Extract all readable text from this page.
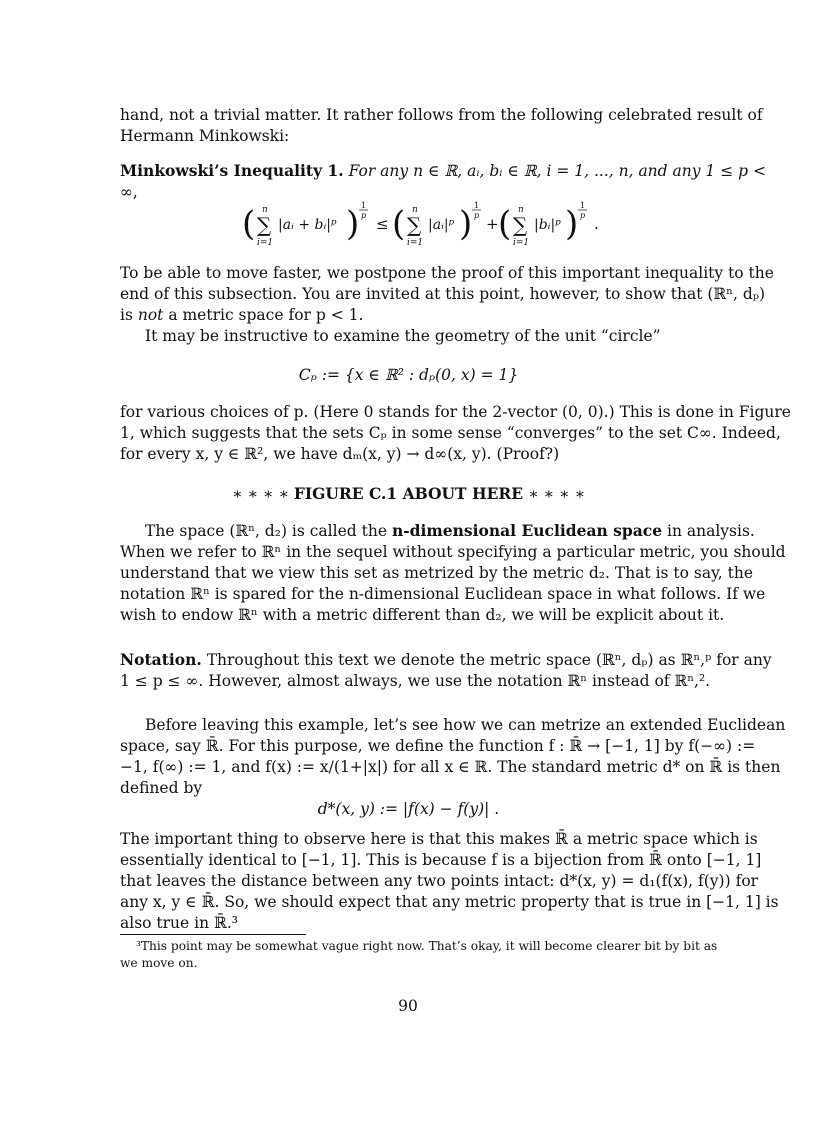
hand, not a trivial matter. It rather follows from the following celebrated result of
Hermann Minkowski:
Minkowski’s Inequality 1. For any n ∈ ℝ, aᵢ, bᵢ ∈ ℝ, i = 1, ..., n, and any 1 ≤ p <
∞,
( n
∑
i=1
|aᵢ + bᵢ|ᵖ ) 1
p ≤ ( n
∑
i=1
|aᵢ|ᵖ ) 1
p + ( n
∑
i=1
|bᵢ|ᵖ ) 1
p .
To be able to move faster, we postpone the proof of this important inequality to the
end of this subsection. You are invited at this point, however, to show that (ℝⁿ, dₚ)
is not a metric space for p < 1.
It may be instructive to examine the geometry of the unit “circle”
Cₚ := {x ∈ ℝ² : dₚ(0, x) = 1}
for various choices of p. (Here 0 stands for the 2-vector (0, 0).) This is done in Figure
1, which suggests that the sets Cₚ in some sense “converges” to the set C∞. Indeed,
for every x, y ∈ ℝ², we have dₘ(x, y) → d∞(x, y). (Proof?)
∗ ∗ ∗ ∗ FIGURE C.1 ABOUT HERE ∗ ∗ ∗ ∗
The space (ℝⁿ, d₂) is called the n-dimensional Euclidean space in analysis.
When we refer to ℝⁿ in the sequel without specifying a particular metric, you should
understand that we view this set as metrized by the metric d₂. That is to say, the
notation ℝⁿ is spared for the n-dimensional Euclidean space in what follows. If we
wish to endow ℝⁿ with a metric different than d₂, we will be explicit about it.
Notation. Throughout this text we denote the metric space (ℝⁿ, dₚ) as ℝⁿ,ᵖ for any
1 ≤ p ≤ ∞. However, almost always, we use the notation ℝⁿ instead of ℝⁿ,².
Before leaving this example, let’s see how we can metrize an extended Euclidean
space, say ℝ̄. For this purpose, we define the function f : ℝ̄ → [−1, 1] by f(−∞) :=
−1, f(∞) := 1, and f(x) := x/(1+|x|) for all x ∈ ℝ. The standard metric d* on ℝ̄ is then
defined by
d*(x, y) := |f(x) − f(y)| .
The important thing to observe here is that this makes ℝ̄ a metric space which is
essentially identical to [−1, 1]. This is because f is a bijection from ℝ̄ onto [−1, 1]
that leaves the distance between any two points intact: d*(x, y) = d₁(f(x), f(y)) for
any x, y ∈ ℝ̄. So, we should expect that any metric property that is true in [−1, 1] is
also true in ℝ̄.³
³This point may be somewhat vague right now. That’s okay, it will become clearer bit by bit as
we move on.
90
